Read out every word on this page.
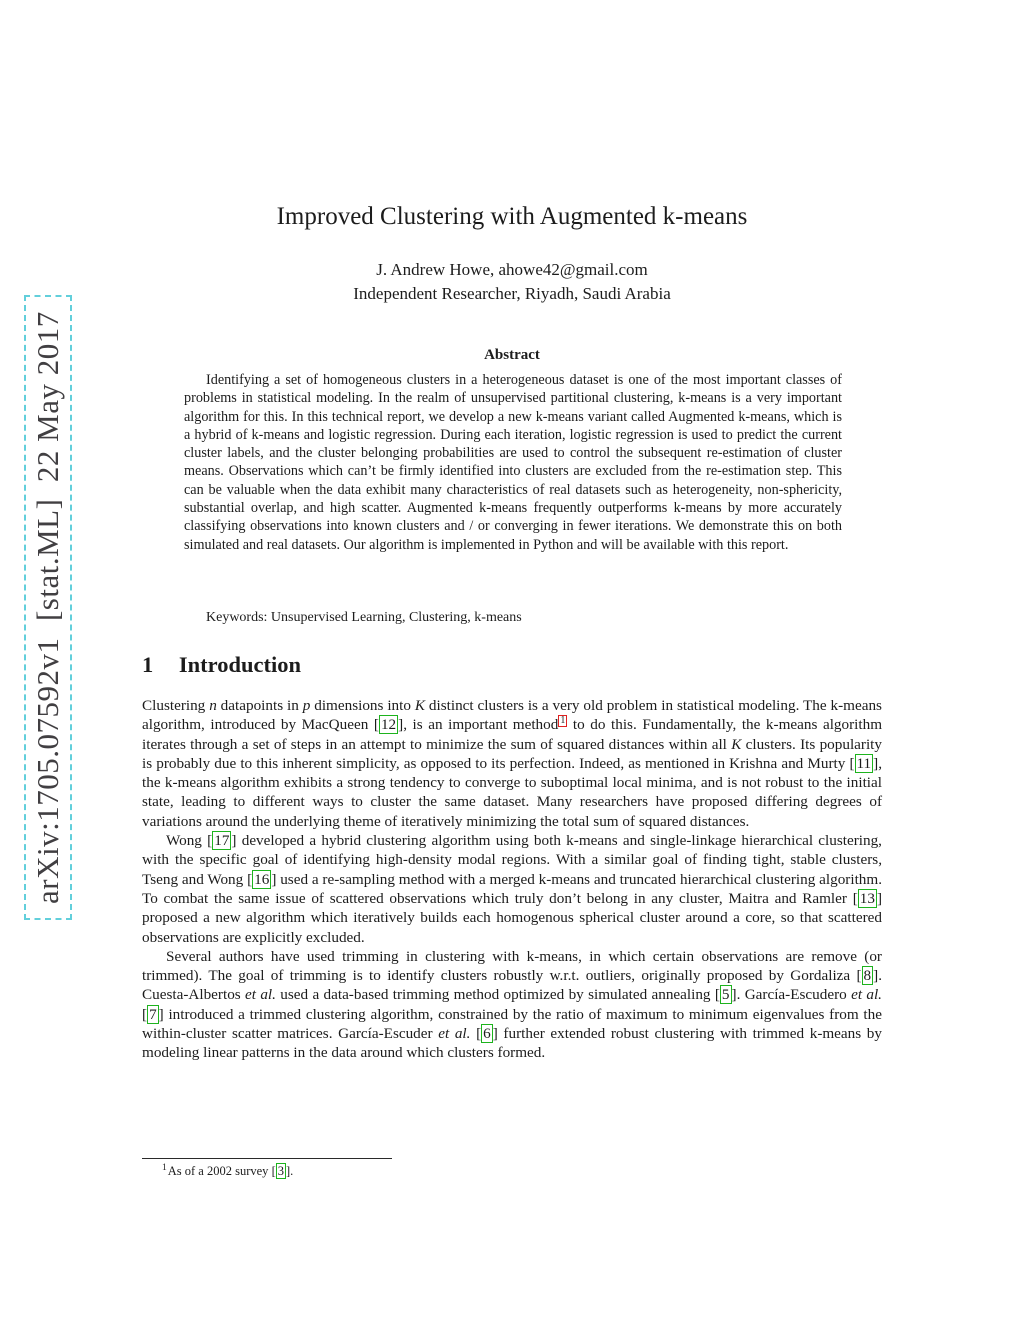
arXiv:1705.07592v1  [stat.ML]  22 May 2017
Improved Clustering with Augmented k-means
J. Andrew Howe, ahowe42@gmail.com
Independent Researcher, Riyadh, Saudi Arabia
Abstract
Identifying a set of homogeneous clusters in a heterogeneous dataset is one of the most important classes of problems in statistical modeling. In the realm of unsupervised partitional clustering, k-means is a very important algorithm for this. In this technical report, we develop a new k-means variant called Augmented k-means, which is a hybrid of k-means and logistic regression. During each iteration, logistic regression is used to predict the current cluster labels, and the cluster belonging probabilities are used to control the subsequent re-estimation of cluster means. Observations which can’t be firmly identified into clusters are excluded from the re-estimation step. This can be valuable when the data exhibit many characteristics of real datasets such as heterogeneity, non-sphericity, substantial overlap, and high scatter. Augmented k-means frequently outperforms k-means by more accurately classifying observations into known clusters and / or converging in fewer iterations. We demonstrate this on both simulated and real datasets. Our algorithm is implemented in Python and will be available with this report.
Keywords: Unsupervised Learning, Clustering, k-means
1 Introduction

Clustering n datapoints in p dimensions into K distinct clusters is a very old problem in statistical modeling. The k-means algorithm, introduced by MacQueen [ 12 ], is an important method 1 to do this. Fundamentally, the k-means algorithm iterates through a set of steps in an attempt to minimize the sum of squared distances within all K clusters. Its popularity is probably due to this inherent simplicity, as opposed to its perfection. Indeed, as mentioned in Krishna and Murty [ 11 ], the k-means algorithm exhibits a strong tendency to converge to suboptimal local minima, and is not robust to the initial state, leading to different ways to cluster the same dataset. Many researchers have proposed differing degrees of variations around the underlying theme of iteratively minimizing the total sum of squared distances.

Wong [ 17 ] developed a hybrid clustering algorithm using both k-means and single-linkage hierarchical clustering, with the specific goal of identifying high-density modal regions. With a similar goal of finding tight, stable clusters, Tseng and Wong [ 16 ] used a re-sampling method with a merged k-means and truncated hierarchical clustering algorithm. To combat the same issue of scattered observations which truly don’t belong in any cluster, Maitra and Ramler [ 13 ] proposed a new algorithm which iteratively builds each homogenous spherical cluster around a core, so that scattered observations are explicitly excluded.

Several authors have used trimming in clustering with k-means, in which certain observations are remove (or trimmed). The goal of trimming is to identify clusters robustly w.r.t. outliers, originally proposed by Gordaliza [ 8 ]. Cuesta-Albertos et al. used a data-based trimming method optimized by simulated annealing [ 5 ]. García-Escudero et al. [ 7 ] introduced a trimmed clustering algorithm, constrained by the ratio of maximum to minimum eigenvalues from the within-cluster scatter matrices. García-Escuder et al. [ 6 ] further extended robust clustering with trimmed k-means by modeling linear patterns in the data around which clusters formed.

1As of a 2002 survey [ 3 ].
